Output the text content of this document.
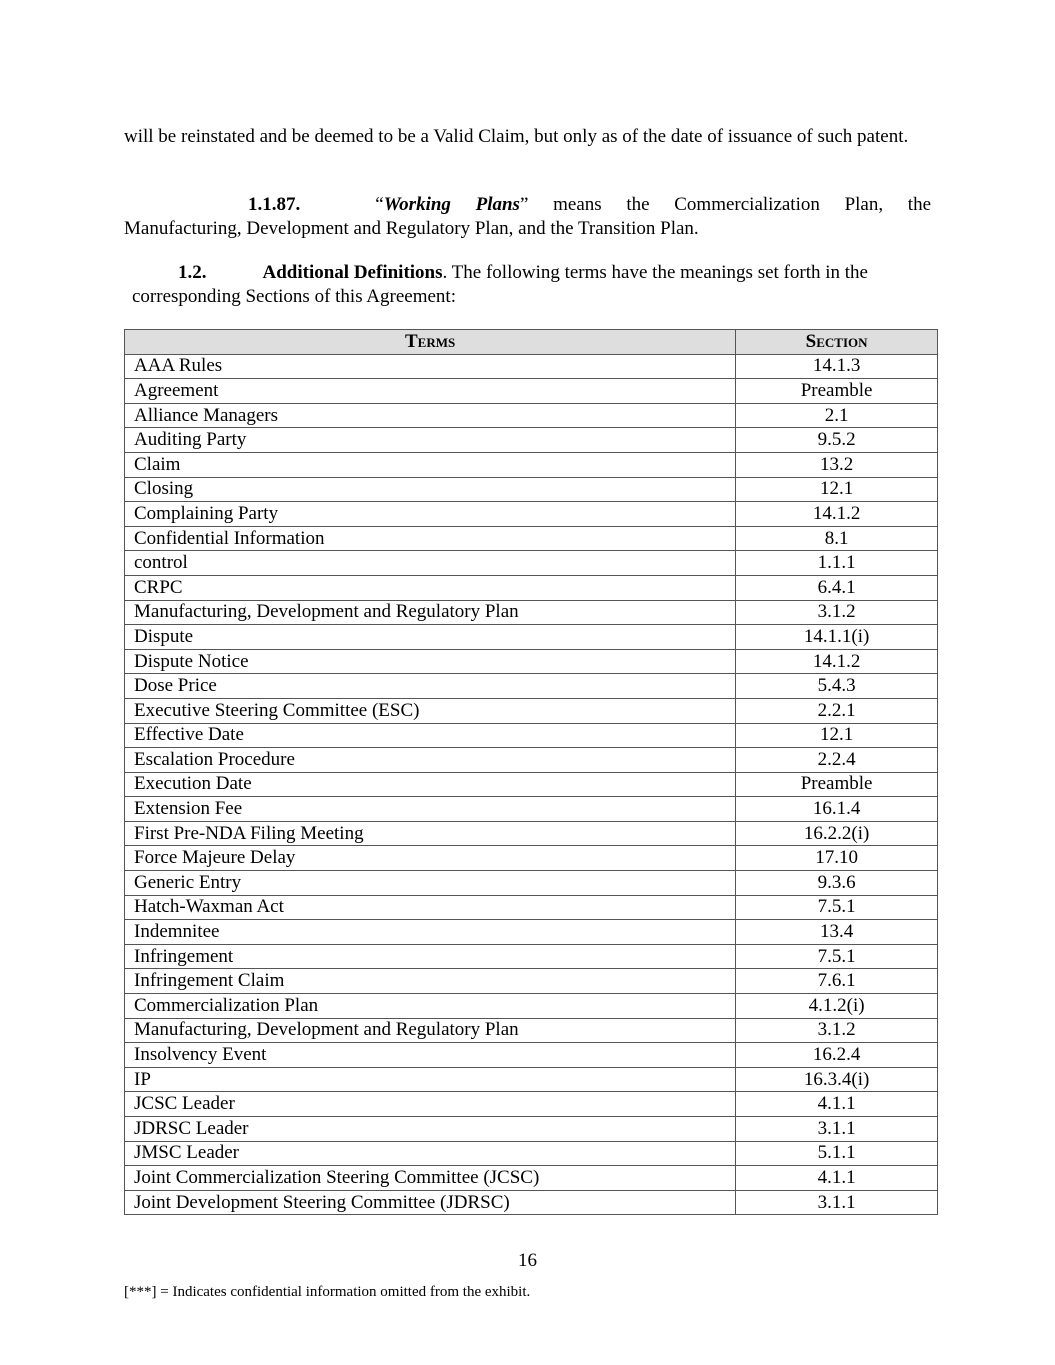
will be reinstated and be deemed to be a Valid Claim, but only as of the date of issuance of such patent.
1.1.87.	“Working Plans” means the Commercialization Plan, the Manufacturing, Development and Regulatory Plan, and the Transition Plan.
1.2.	Additional Definitions. The following terms have the meanings set forth in the
corresponding Sections of this Agreement:
Terms	Section
AAA Rules	14.1.3
Agreement	Preamble
Alliance Managers	2.1
Auditing Party	9.5.2
Claim	13.2
Closing	12.1
Complaining Party	14.1.2
Confidential Information	8.1
control	1.1.1
CRPC	6.4.1
Manufacturing, Development and Regulatory Plan	3.1.2
Dispute	14.1.1(i)
Dispute Notice	14.1.2
Dose Price	5.4.3
Executive Steering Committee (ESC)	2.2.1
Effective Date	12.1
Escalation Procedure	2.2.4
Execution Date	Preamble
Extension Fee	16.1.4
First Pre-NDA Filing Meeting	16.2.2(i)
Force Majeure Delay	17.10
Generic Entry	9.3.6
Hatch-Waxman Act	7.5.1
Indemnitee	13.4
Infringement	7.5.1
Infringement Claim	7.6.1
Commercialization Plan	4.1.2(i)
Manufacturing, Development and Regulatory Plan	3.1.2
Insolvency Event	16.2.4
IP	16.3.4(i)
JCSC Leader	4.1.1
JDRSC Leader	3.1.1
JMSC Leader	5.1.1
Joint Commercialization Steering Committee (JCSC)	4.1.1
Joint Development Steering Committee (JDRSC)	3.1.1
16
[***] = Indicates confidential information omitted from the exhibit.
